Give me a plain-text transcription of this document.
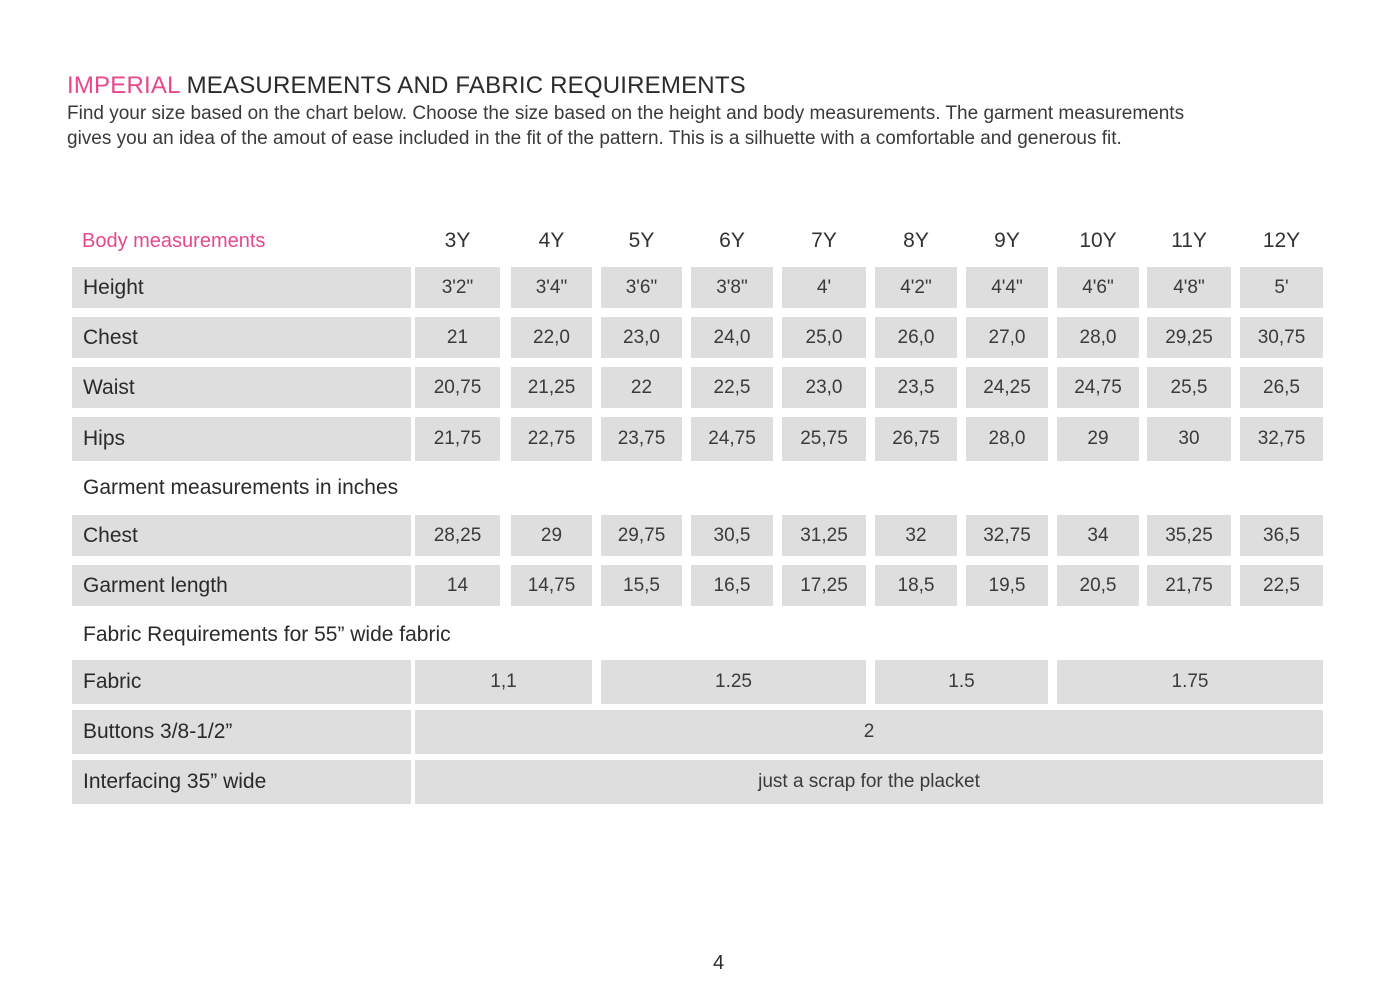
IMPERIAL MEASUREMENTS AND FABRIC REQUIREMENTS

Find your size based on the chart below. Choose the size based on the height and body measurements. The garment measurements

gives you an idea of the amout of ease included in the fit of the pattern. This is a silhuette with a comfortable and generous fit.

Body measurements	3Y	4Y	5Y	6Y	7Y	8Y	9Y	10Y	11Y	12Y
Height	3'2"	3'4"	3'6"	3'8"	4'	4'2"	4'4"	4'6"	4'8"	5'
Chest	21	22,0	23,0	24,0	25,0	26,0	27,0	28,0	29,25	30,75
Waist	20,75	21,25	22	22,5	23,0	23,5	24,25	24,75	25,5	26,5
Hips	21,75	22,75	23,75	24,75	25,75	26,75	28,0	29	30	32,75
Garment measurements in inches
Chest	28,25	29	29,75	30,5	31,25	32	32,75	34	35,25	36,5
Garment length	14	14,75	15,5	16,5	17,25	18,5	19,5	20,5	21,75	22,5
Fabric Requirements for 55” wide fabric
Fabric	1,1	1.25	1.5	1.75
Buttons 3/8-1/2”	2
Interfacing 35” wide	just a scrap for the placket
4
